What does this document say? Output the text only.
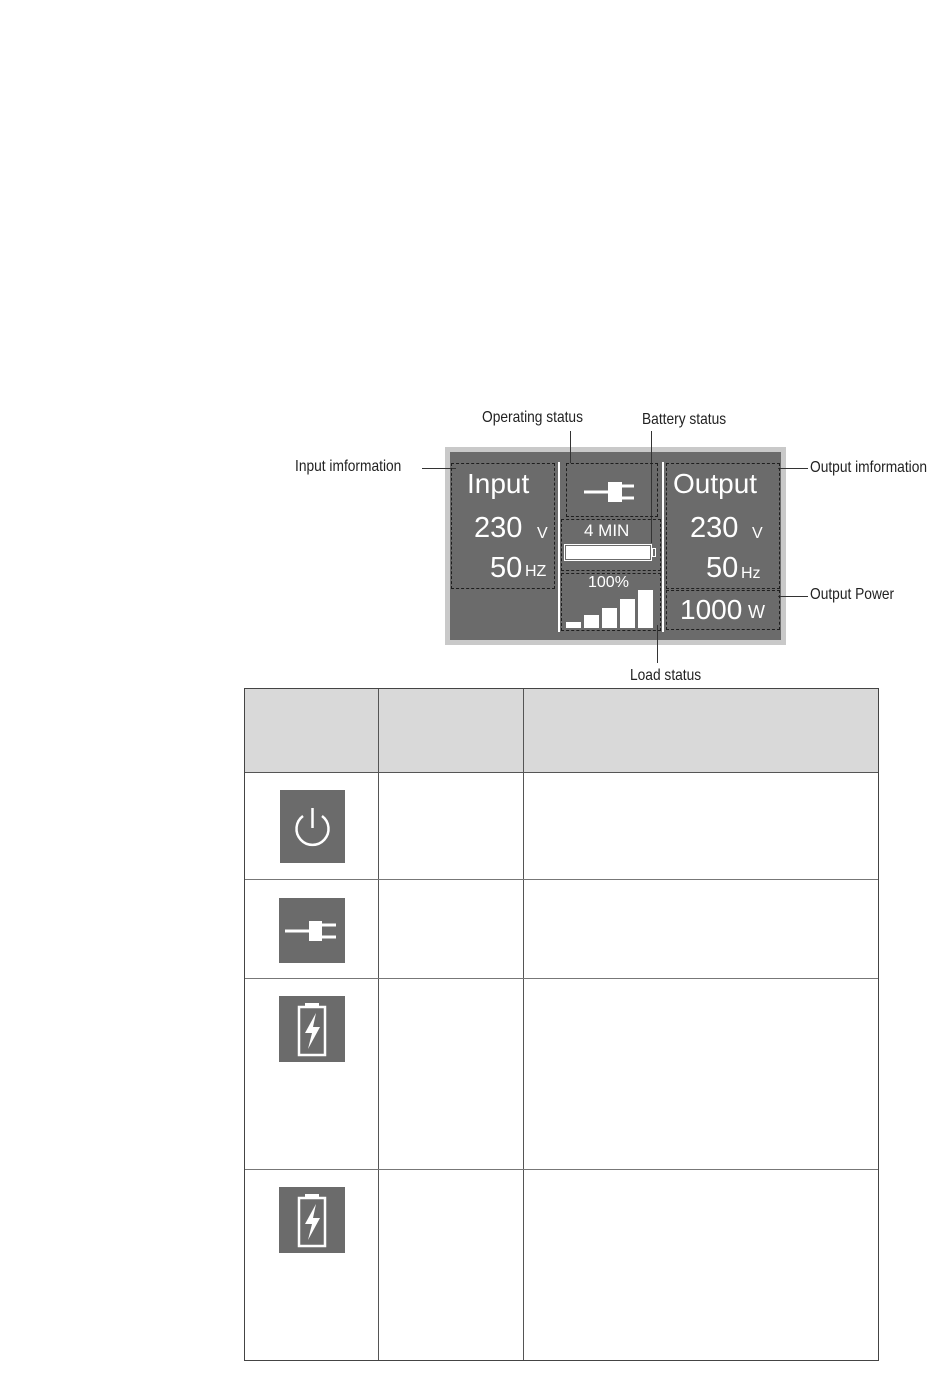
Operating status	Battery status
Input imformation	Output imformation
Output Power
Load status
Input
230 V
50 HZ
4 MIN
100%
Output
230 V
50 Hz
1000 W
